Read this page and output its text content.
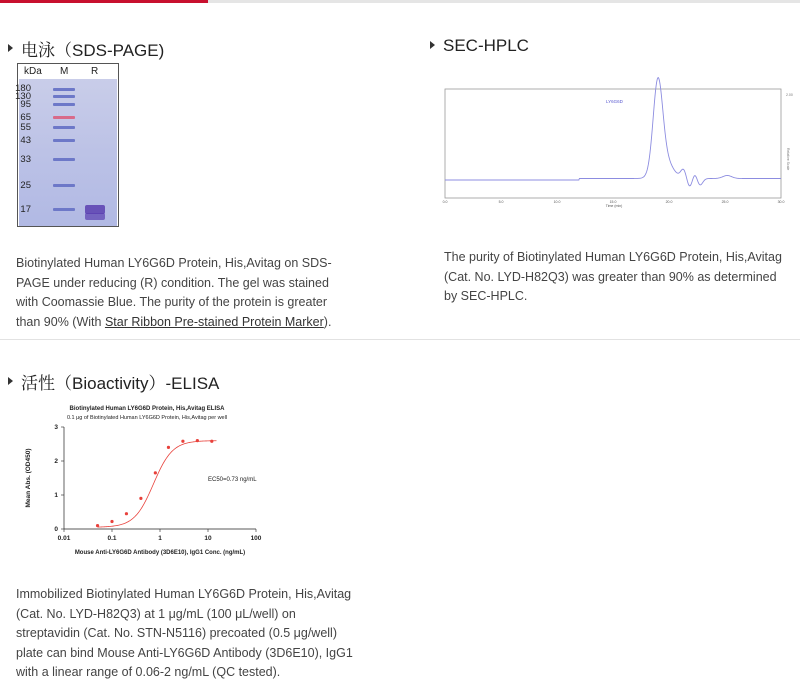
电泳（SDS-PAGE)
kDa M R
180
130
95
65
55
43
33
25
17

Biotinylated Human LY6G6D Protein, His,Avitag on SDS-PAGE under reducing (R) condition. The gel was stained with Coomassie Blue. The purity of the protein is greater than 90% (With Star Ribbon Pre-stained Protein Marker).

SEC-HPLC
2.00
Relative Scale
LY6G6D
0.0	5.0	10.0	15.0	20.0	25.0	30.0
Time (min)

The purity of Biotinylated Human LY6G6D Protein, His,Avitag (Cat. No. LYD-H82Q3) was greater than 90% as determined by SEC-HPLC.

活性（Bioactivity）-ELISA
Biotinylated Human LY6G6D Protein, His,Avitag ELISA
0.1 μg of Biotinylated Human LY6G6D Protein, His,Avitag per well
0.01	0.1	1	10	100
0
1
2
3
EC50=0.73 ng/mL
Mean Abs. (OD450)
Mouse Anti-LY6G6D Antibody (3D6E10), IgG1 Conc. (ng/mL)

Immobilized Biotinylated Human LY6G6D Protein, His,Avitag (Cat. No. LYD-H82Q3) at 1 μg/mL (100 μL/well) on streptavidin (Cat. No. STN-N5116) precoated (0.5 μg/well) plate can bind Mouse Anti-LY6G6D Antibody (3D6E10), IgG1 with a linear range of 0.06-2 ng/mL (QC tested).
